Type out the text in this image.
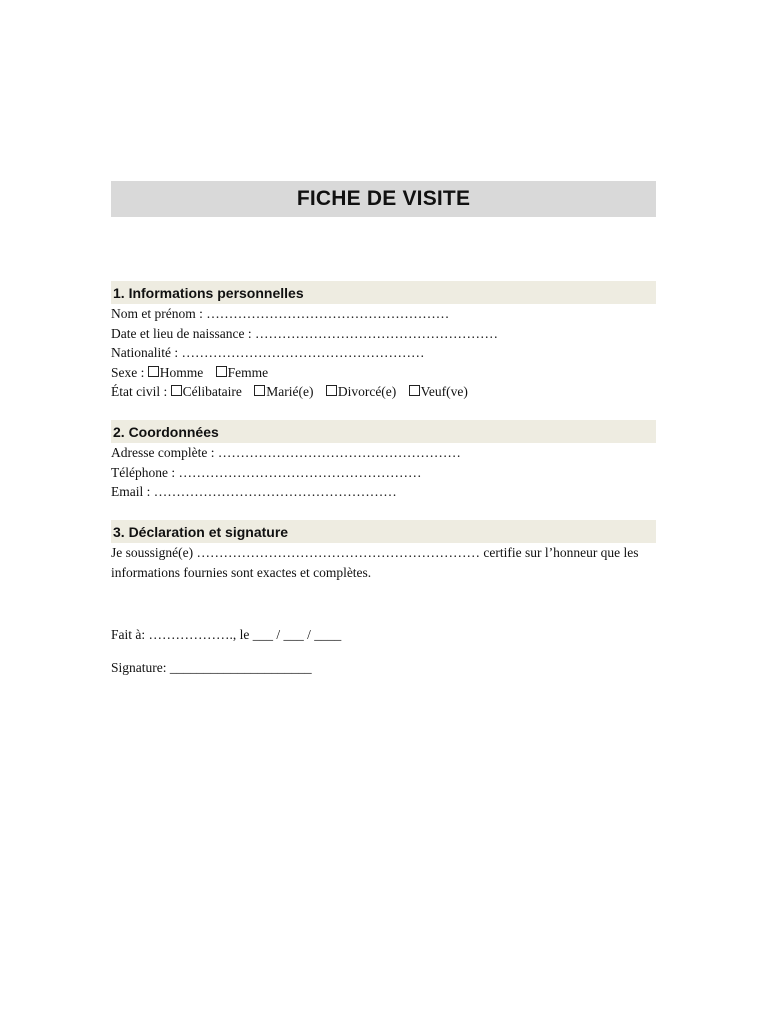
FICHE DE VISITE
1. Informations personnelles
Nom et prénom : ………………………………………………
Date et lieu de naissance : ………………………………………………
Nationalité : ………………………………………………
Sexe : Homme Femme
État civil : Célibataire Marié(e) Divorcé(e) Veuf(ve)
2. Coordonnées
Adresse complète : ………………………………………………
Téléphone : ………………………………………………
Email : ………………………………………………
3. Déclaration et signature
Je soussigné(e) ……………………………………………………… certifie sur l’honneur que les informations fournies sont exactes et complètes.
Fait à: ………………., le ___ / ___ / ____
Signature: _____________________
